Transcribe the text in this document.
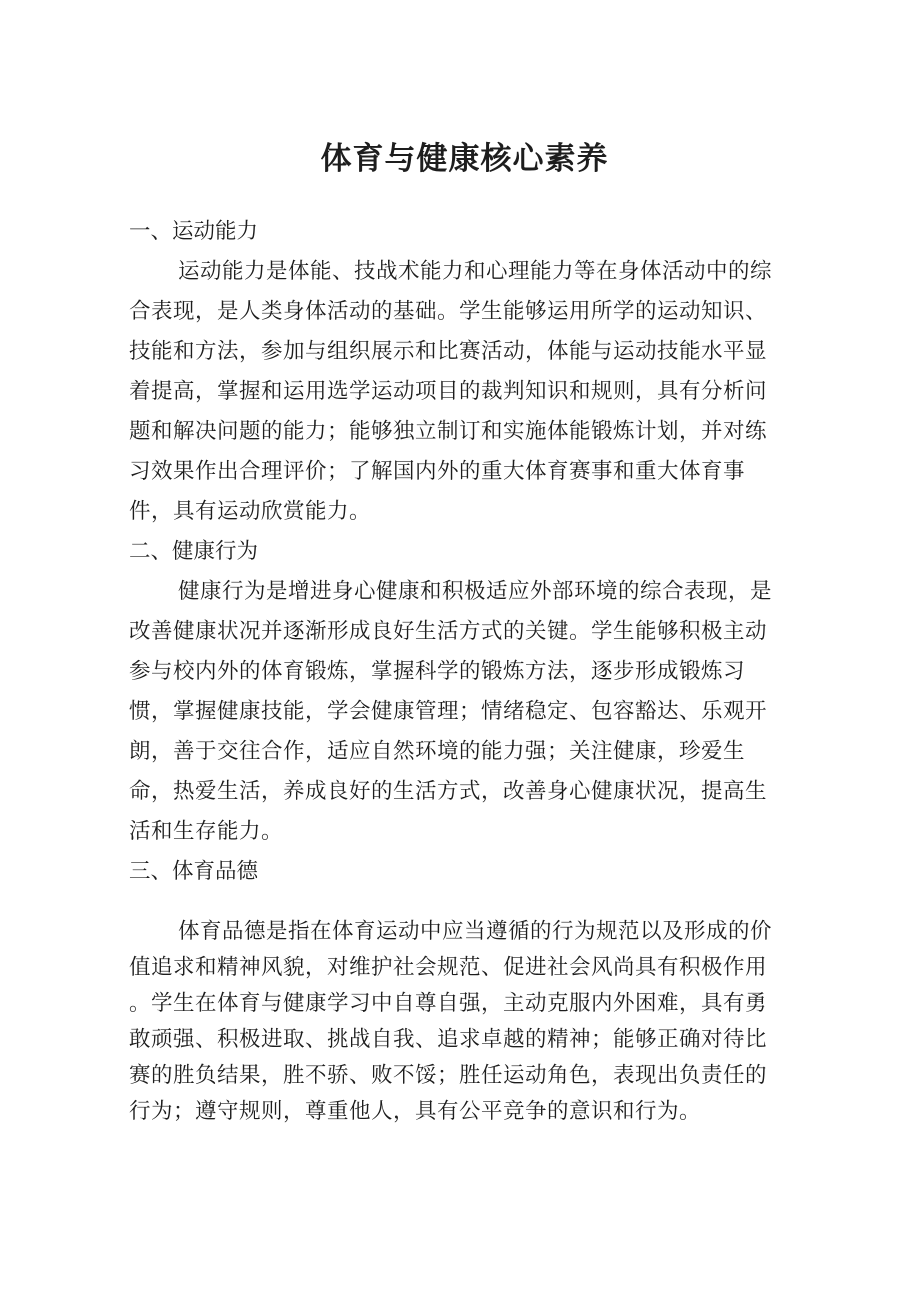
体育与健康核心素养
一、运动能力
运动能力是体能、技战术能力和心理能力等在身体活动中的综
合表现，是人类身体活动的基础。学生能够运用所学的运动知识、
技能和方法，参加与组织展示和比赛活动，体能与运动技能水平显
着提高，掌握和运用选学运动项目的裁判知识和规则，具有分析问
题和解决问题的能力；能够独立制订和实施体能锻炼计划，并对练
习效果作出合理评价；了解国内外的重大体育赛事和重大体育事
件，具有运动欣赏能力。
二、健康行为
健康行为是增进身心健康和积极适应外部环境的综合表现，是
改善健康状况并逐渐形成良好生活方式的关键。学生能够积极主动
参与校内外的体育锻炼，掌握科学的锻炼方法，逐步形成锻炼习
惯，掌握健康技能，学会健康管理；情绪稳定、包容豁达、乐观开
朗，善于交往合作，适应自然环境的能力强；关注健康，珍爱生
命，热爱生活，养成良好的生活方式，改善身心健康状况，提高生
活和生存能力。
三、体育品德
体育品德是指在体育运动中应当遵循的行为规范以及形成的价
值追求和精神风貌，对维护社会规范、促进社会风尚具有积极作用
。学生在体育与健康学习中自尊自强，主动克服内外困难，具有勇
敢顽强、积极进取、挑战自我、追求卓越的精神；能够正确对待比
赛的胜负结果，胜不骄、败不馁；胜任运动角色，表现出负责任的
行为；遵守规则，尊重他人，具有公平竞争的意识和行为。
